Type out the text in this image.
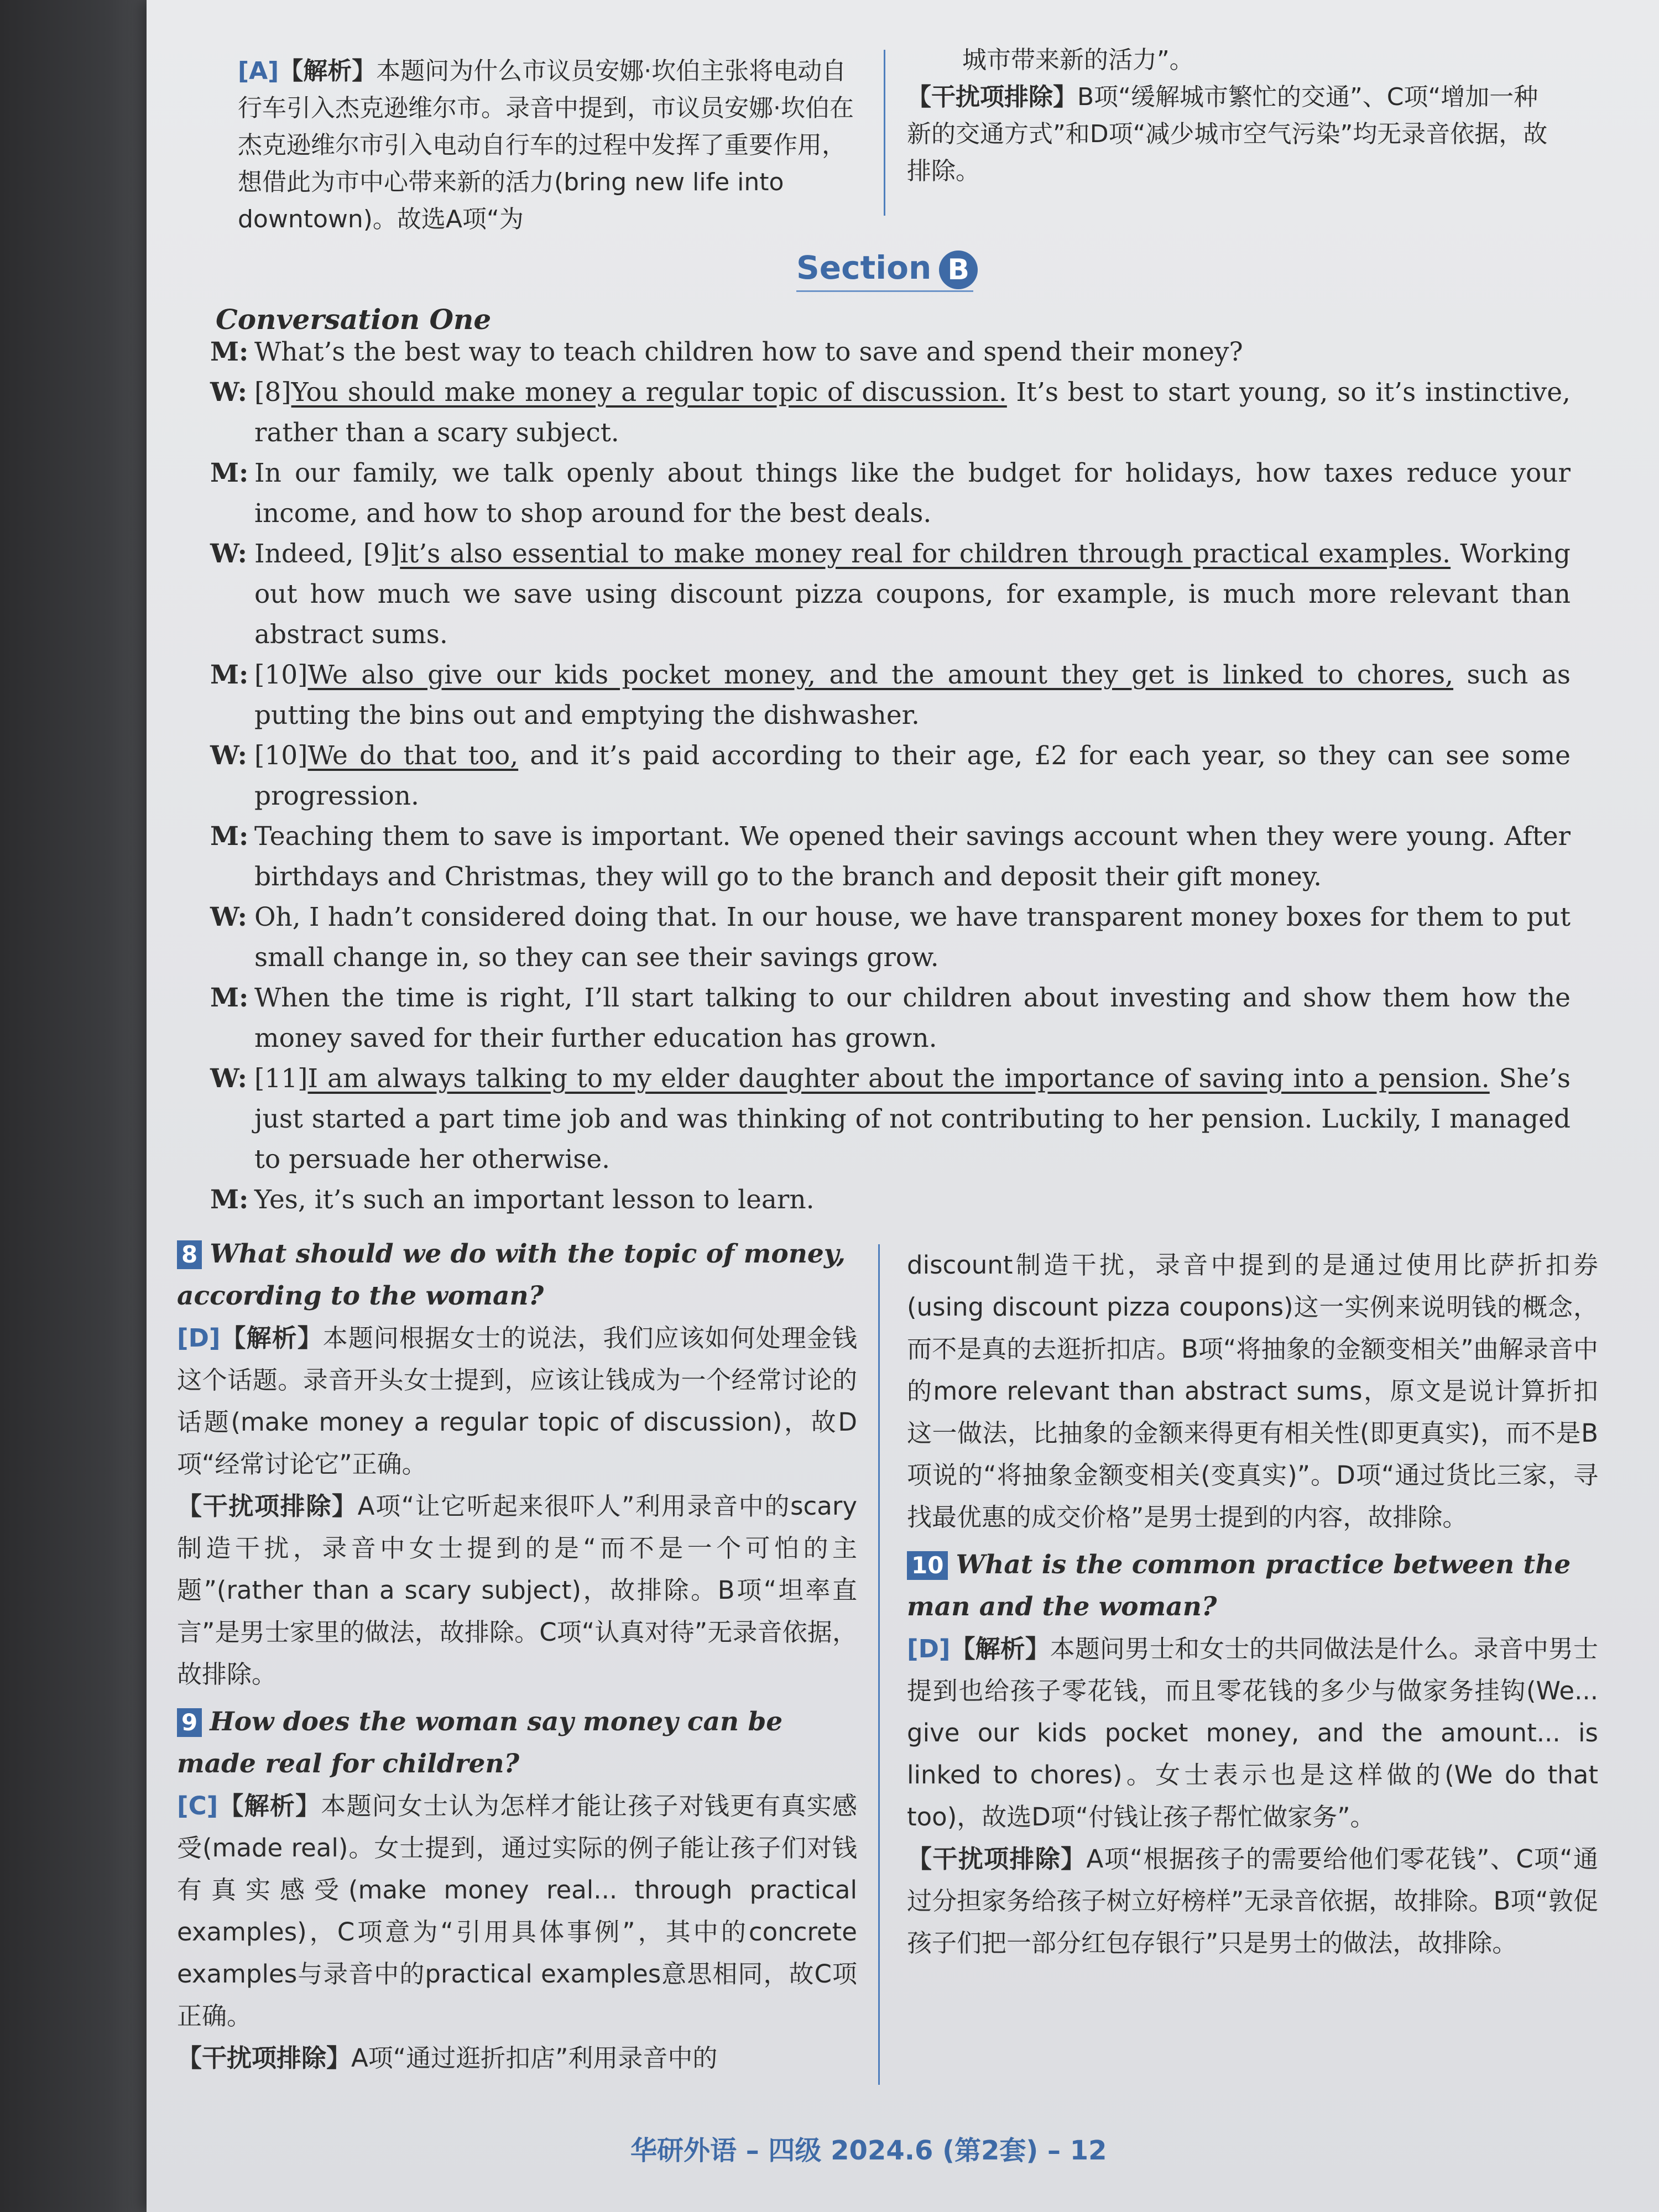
[A]【解析】本题问为什么市议员安娜·坎伯主张将电动自行车引入杰克逊维尔市。录音中提到，市议员安娜·坎伯在杰克逊维尔市引入电动自行车的过程中发挥了重要作用，想借此为市中心带来新的活力(bring new life into downtown)。故选A项“为
城市带来新的活力”。
【干扰项排除】B项“缓解城市繁忙的交通”、C项“增加一种新的交通方式”和D项“减少城市空气污染”均无录音依据，故排除。
Section B
Conversation One
M: What’s the best way to teach children how to save and spend their money?
W: [8]You should make money a regular topic of discussion. It’s best to start young, so it’s instinctive, rather than a scary subject.
M: In our family, we talk openly about things like the budget for holidays, how taxes reduce your income, and how to shop around for the best deals.
W: Indeed, [9]it’s also essential to make money real for children through practical examples. Working out how much we save using discount pizza coupons, for example, is much more relevant than abstract sums.
M: [10]We also give our kids pocket money, and the amount they get is linked to chores, such as putting the bins out and emptying the dishwasher.
W: [10]We do that too, and it’s paid according to their age, £2 for each year, so they can see some progression.
M: Teaching them to save is important. We opened their savings account when they were young. After birthdays and Christmas, they will go to the branch and deposit their gift money.
W: Oh, I hadn’t considered doing that. In our house, we have transparent money boxes for them to put small change in, so they can see their savings grow.
M: When the time is right, I’ll start talking to our children about investing and show them how the money saved for their further education has grown.
W: [11]I am always talking to my elder daughter about the importance of saving into a pension. She’s just started a part time job and was thinking of not contributing to her pension. Luckily, I managed to persuade her otherwise.
M: Yes, it’s such an important lesson to learn.
8 What should we do with the topic of money, according to the woman?
[D]【解析】本题问根据女士的说法，我们应该如何处理金钱这个话题。录音开头女士提到，应该让钱成为一个经常讨论的话题(make money a regular topic of discussion)，故D项“经常讨论它”正确。
【干扰项排除】A项“让它听起来很吓人”利用录音中的scary制造干扰，录音中女士提到的是“而不是一个可怕的主题”(rather than a scary subject)，故排除。B项“坦率直言”是男士家里的做法，故排除。C项“认真对待”无录音依据，故排除。
9 How does the woman say money can be made real for children?
[C]【解析】本题问女士认为怎样才能让孩子对钱更有真实感受(made real)。女士提到，通过实际的例子能让孩子们对钱有真实感受(make money real... through practical examples)，C项意为“引用具体事例”，其中的concrete examples与录音中的practical examples意思相同，故C项正确。
【干扰项排除】A项“通过逛折扣店”利用录音中的
discount制造干扰，录音中提到的是通过使用比萨折扣券(using discount pizza coupons)这一实例来说明钱的概念，而不是真的去逛折扣店。B项“将抽象的金额变相关”曲解录音中的more relevant than abstract sums，原文是说计算折扣这一做法，比抽象的金额来得更有相关性(即更真实)，而不是B项说的“将抽象金额变相关(变真实)”。D项“通过货比三家，寻找最优惠的成交价格”是男士提到的内容，故排除。
10 What is the common practice between the man and the woman?
[D]【解析】本题问男士和女士的共同做法是什么。录音中男士提到也给孩子零花钱，而且零花钱的多少与做家务挂钩(We... give our kids pocket money, and the amount... is linked to chores)。女士表示也是这样做的(We do that too)，故选D项“付钱让孩子帮忙做家务”。
【干扰项排除】A项“根据孩子的需要给他们零花钱”、C项“通过分担家务给孩子树立好榜样”无录音依据，故排除。B项“敦促孩子们把一部分红包存银行”只是男士的做法，故排除。
华研外语 – 四级 2024.6 (第2套) – 12
